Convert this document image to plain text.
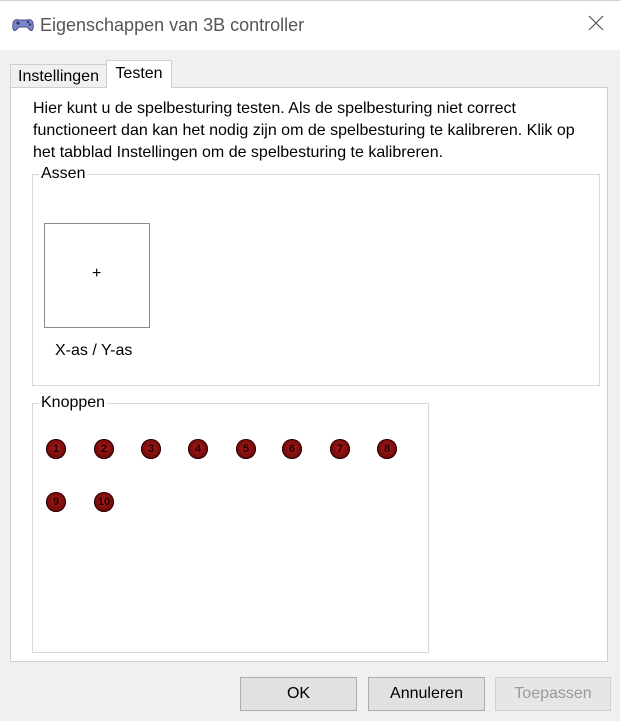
Eigenschappen van 3B controller
Instellingen	Testen
Hier kunt u de spelbesturing testen. Als de spelbesturing niet correct functioneert dan kan het nodig zijn om de spelbesturing te kalibreren. Klik op het tabblad Instellingen om de spelbesturing te kalibreren.
Assen
+
X-as / Y-as
Knoppen
1	2	3	4	5	6	7	8
9	10
OK	Annuleren	Toepassen
